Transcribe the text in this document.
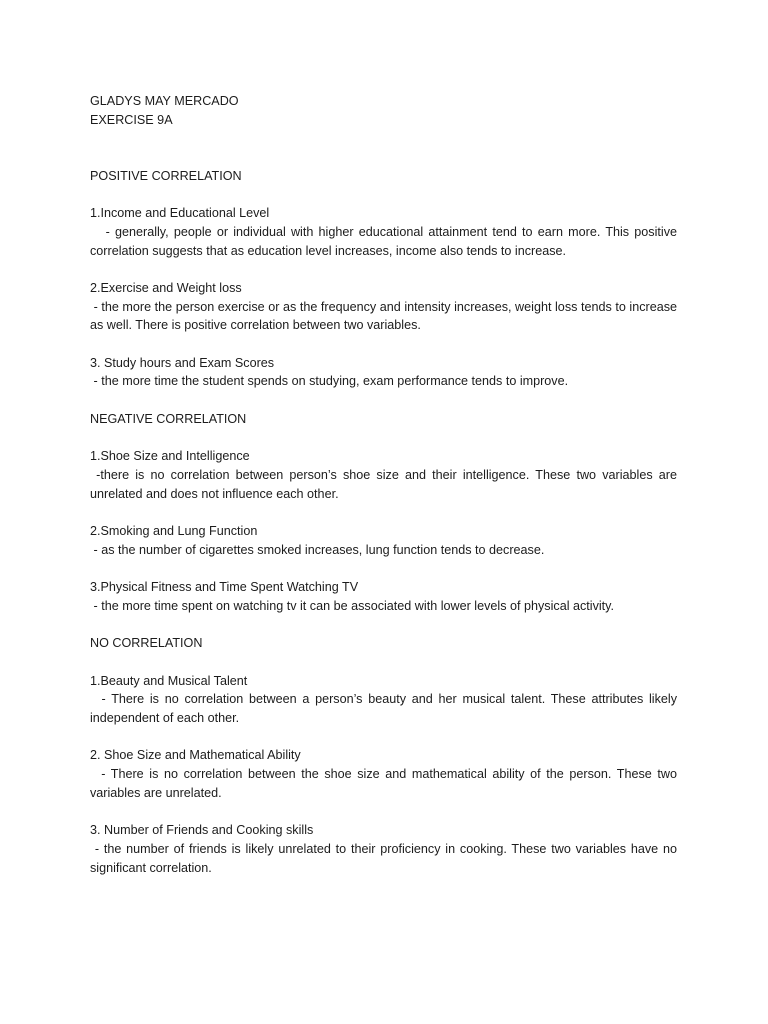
GLADYS MAY MERCADO
EXERCISE 9A
POSITIVE CORRELATION
1.Income and Educational Level
- generally, people or individual with higher educational attainment tend to earn more. This positive correlation suggests that as education level increases, income also tends to increase.
2.Exercise and Weight loss
- the more the person exercise or as the frequency and intensity increases, weight loss tends to increase as well. There is positive correlation between two variables.
3. Study hours and Exam Scores
- the more time the student spends on studying, exam performance tends to improve.
NEGATIVE CORRELATION
1.Shoe Size and Intelligence
-there is no correlation between person’s shoe size and their intelligence. These two variables are unrelated and does not influence each other.
2.Smoking and Lung Function
- as the number of cigarettes smoked increases, lung function tends to decrease.
3.Physical Fitness and Time Spent Watching TV
- the more time spent on watching tv it can be associated with lower levels of physical activity.
NO CORRELATION
1.Beauty and Musical Talent
- There is no correlation between a person’s beauty and her musical talent. These attributes likely independent of each other.
2. Shoe Size and Mathematical Ability
- There is no correlation between the shoe size and mathematical ability of the person. These two variables are unrelated.
3. Number of Friends and Cooking skills
- the number of friends is likely unrelated to their proficiency in cooking. These two variables have no significant correlation.
